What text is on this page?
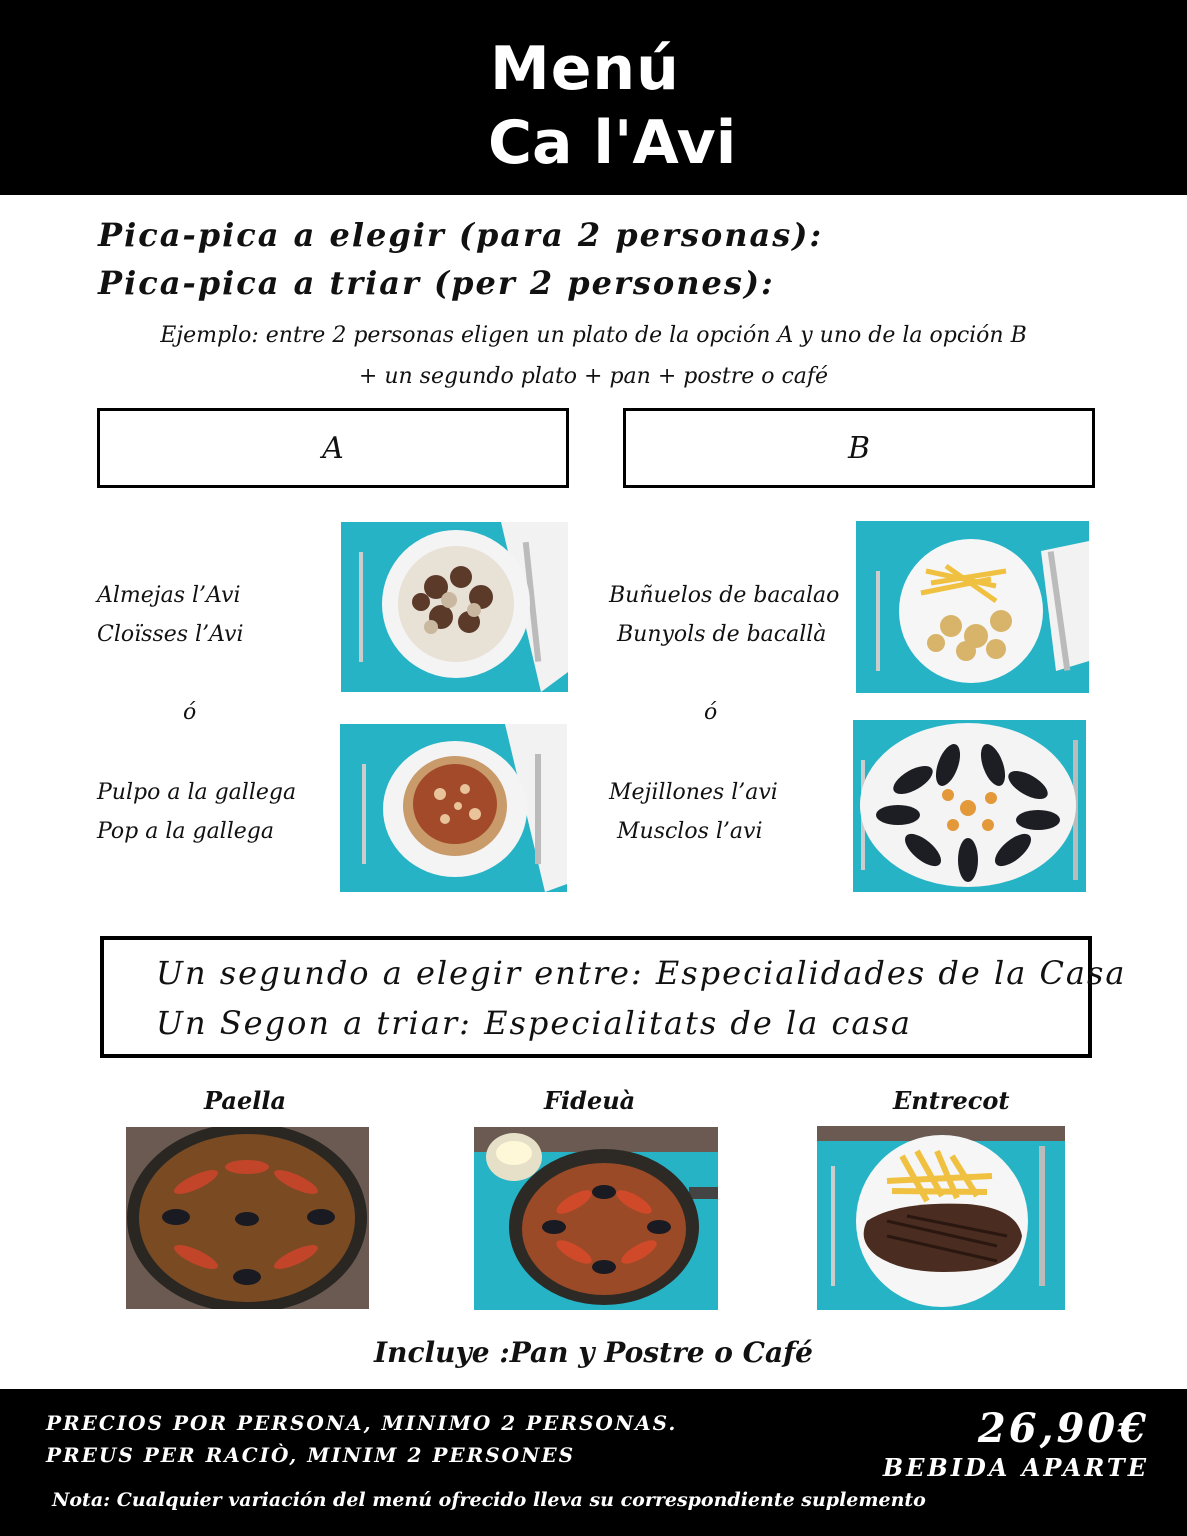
Menú
Ca l'Avi
Pica-pica a elegir (para 2 personas):
Pica-pica a triar (per 2 persones):
Ejemplo: entre 2 personas eligen un plato de la opción A y uno de la opción B
+ un segundo plato + pan + postre o café
A	B
Almejas l’Avi
Cloïsses l’Avi
ó
Pulpo a la gallega
Pop a la gallega
Buñuelos de bacalao
Bunyols de bacallà
ó
Mejillones l’avi
Musclos l’avi
Un segundo a elegir entre: Especialidades de la Casa
Un Segon a triar: Especialitats de la casa
Paella	Fideuà	Entrecot
Incluye :Pan y Postre o Café
PRECIOS POR PERSONA, MINIMO 2 PERSONAS.
PREUS PER RACIÒ, MINIM 2 PERSONES
26,90€
BEBIDA APARTE
Nota: Cualquier variación del menú ofrecido lleva su correspondiente suplemento
